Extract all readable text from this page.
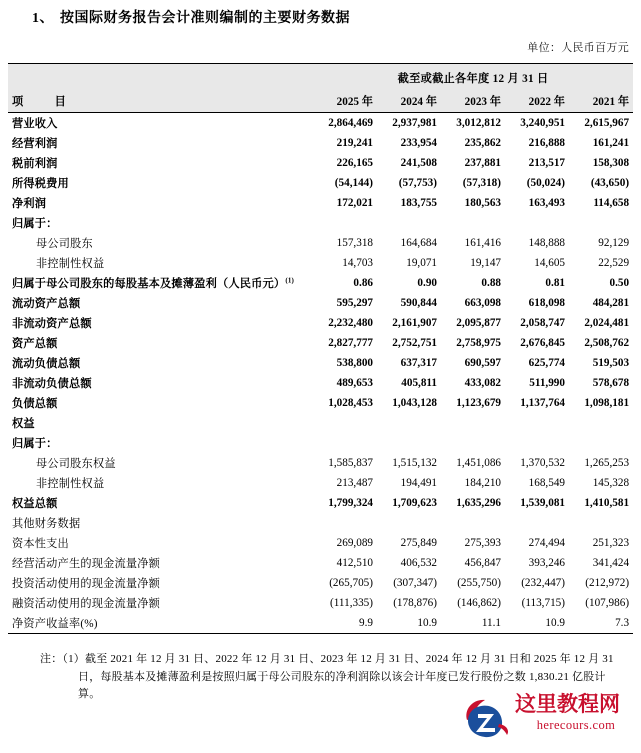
1、 按国际财务报告会计准则编制的主要财务数据
单位：人民币百万元
	截至或截止各年度 12 月 31 日				
项　　目	2025 年	2024 年	2023 年	2022 年	2021 年
营业收入	2,864,469	2,937,981	3,012,812	3,240,951	2,615,967
经营利润	219,241	233,954	235,862	216,888	161,241
税前利润	226,165	241,508	237,881	213,517	158,308
所得税费用	(54,144)	(57,753)	(57,318)	(50,024)	(43,650)
净利润	172,021	183,755	180,563	163,493	114,658
归属于：					
母公司股东	157,318	164,684	161,416	148,888	92,129
非控制性权益	14,703	19,071	19,147	14,605	22,529
归属于母公司股东的每股基本及摊薄盈利（人民币元）$^{(1)}$	0.86	0.90	0.88	0.81	0.50
流动资产总额	595,297	590,844	663,098	618,098	484,281
非流动资产总额	2,232,480	2,161,907	2,095,877	2,058,747	2,024,481
资产总额	2,827,777	2,752,751	2,758,975	2,676,845	2,508,762
流动负债总额	538,800	637,317	690,597	625,774	519,503
非流动负债总额	489,653	405,811	433,082	511,990	578,678
负债总额	1,028,453	1,043,128	1,123,679	1,137,764	1,098,181
权益					
归属于：					
母公司股东权益	1,585,837	1,515,132	1,451,086	1,370,532	1,265,253
非控制性权益	213,487	194,491	184,210	168,549	145,328
权益总额	1,799,324	1,709,623	1,635,296	1,539,081	1,410,581
其他财务数据					
资本性支出	269,089	275,849	275,393	274,494	251,323
经营活动产生的现金流量净额	412,510	406,532	456,847	393,246	341,424
投资活动使用的现金流量净额	(265,705)	(307,347)	(255,750)	(232,447)	(212,972)
融资活动使用的现金流量净额	(111,335)	(178,876)	(146,862)	(113,715)	(107,986)
净资产收益率(%)	9.9	10.9	11.1	10.9	7.3
注：（1）截至 2021 年 12 月 31 日、2022 年 12 月 31 日、2023 年 12 月 31 日、2024 年 12 月 31 日和 2025 年 12 月 31 日，每股基本及摊薄盈利是按照归属于母公司股东的净利润除以该会计年度已发行股份之数 1,830.21 亿股计算。	这里教程网
herecours.com
